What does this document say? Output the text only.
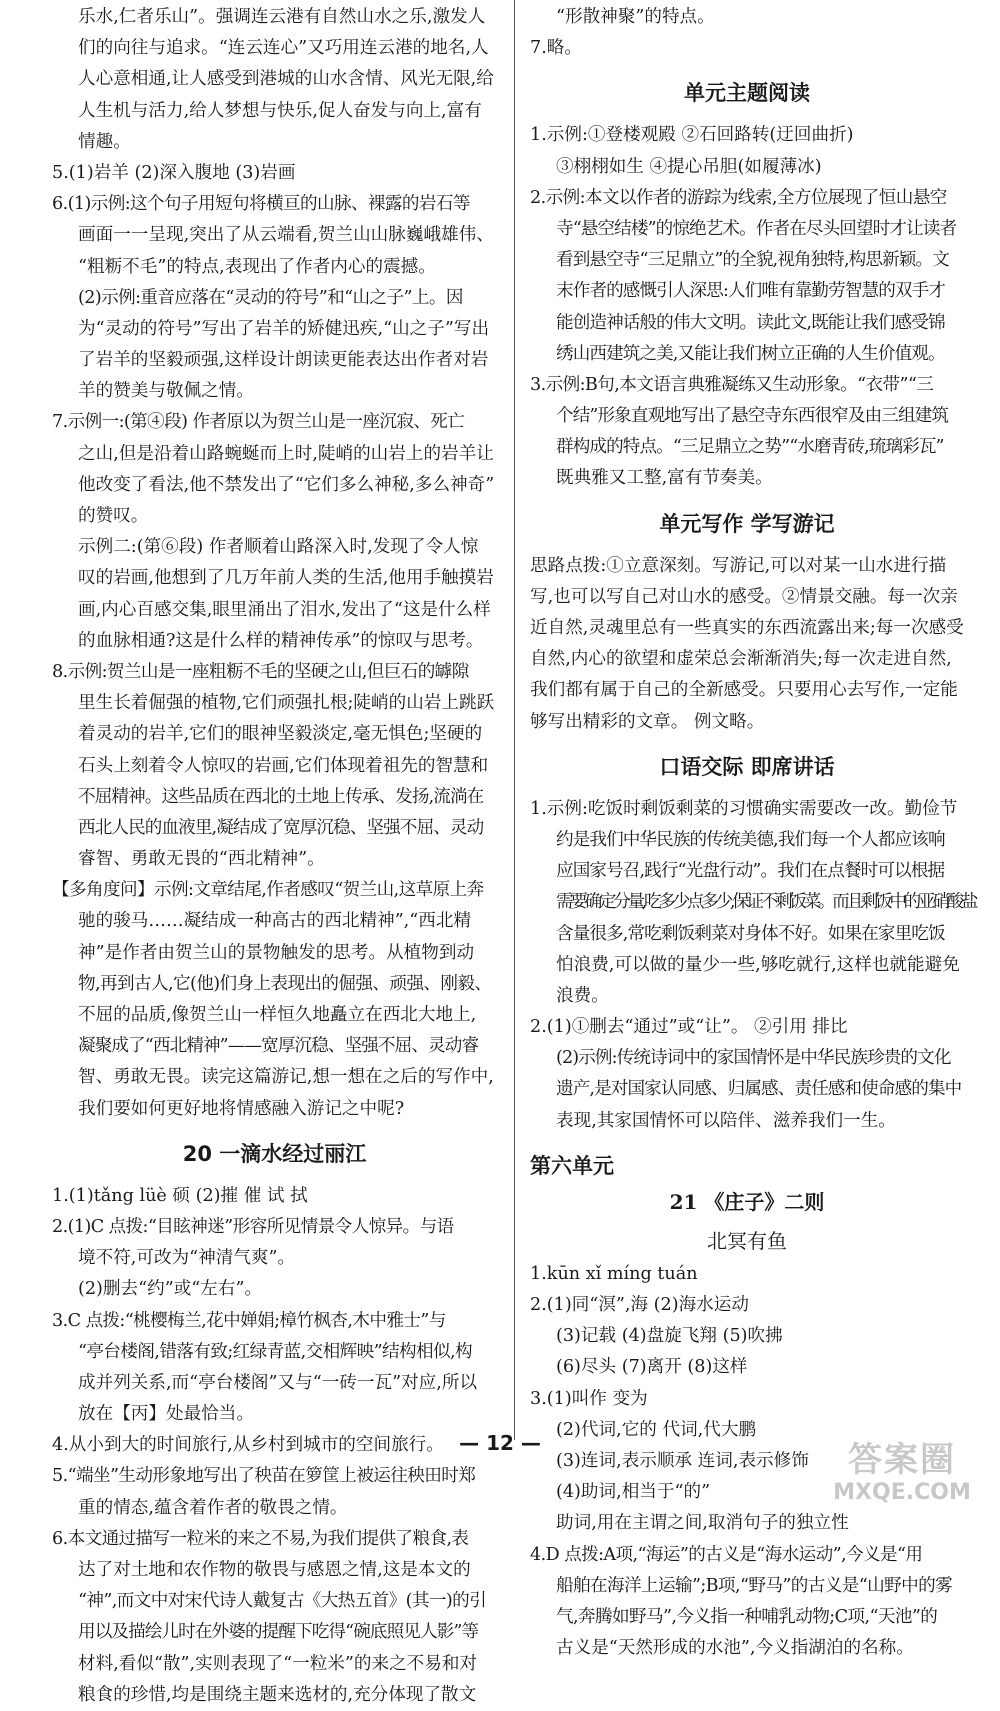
乐水,仁者乐山”。强调连云港有自然山水之乐,激发人
们的向往与追求。“连云连心”又巧用连云港的地名,人
人心意相通,让人感受到港城的山水含情、风光无限,给
人生机与活力,给人梦想与快乐,促人奋发与向上,富有
情趣。
5.(1)岩羊 (2)深入腹地 (3)岩画
6.(1)示例:这个句子用短句将横亘的山脉、裸露的岩石等
画面一一呈现,突出了从云端看,贺兰山山脉巍峨雄伟、
“粗粝不毛”的特点,表现出了作者内心的震撼。
(2)示例:重音应落在“灵动的符号”和“山之子”上。因
为“灵动的符号”写出了岩羊的矫健迅疾,“山之子”写出
了岩羊的坚毅顽强,这样设计朗读更能表达出作者对岩
羊的赞美与敬佩之情。
7.示例一:(第④段) 作者原以为贺兰山是一座沉寂、死亡
之山,但是沿着山路蜿蜒而上时,陡峭的山岩上的岩羊让
他改变了看法,他不禁发出了“它们多么神秘,多么神奇”
的赞叹。
示例二:(第⑥段) 作者顺着山路深入时,发现了令人惊
叹的岩画,他想到了几万年前人类的生活,他用手触摸岩
画,内心百感交集,眼里涌出了泪水,发出了“这是什么样
的血脉相通?这是什么样的精神传承”的惊叹与思考。
8.示例:贺兰山是一座粗粝不毛的坚硬之山,但巨石的罅隙
里生长着倔强的植物,它们顽强扎根;陡峭的山岩上跳跃
着灵动的岩羊,它们的眼神坚毅淡定,毫无惧色;坚硬的
石头上刻着令人惊叹的岩画,它们体现着祖先的智慧和
不屈精神。这些品质在西北的土地上传承、发扬,流淌在
西北人民的血液里,凝结成了宽厚沉稳、坚强不屈、灵动
睿智、勇敢无畏的“西北精神”。
【多角度问】示例:文章结尾,作者感叹“贺兰山,这草原上奔
驰的骏马……凝结成一种高古的西北精神”,“西北精
神”是作者由贺兰山的景物触发的思考。从植物到动
物,再到古人,它(他)们身上表现出的倔强、顽强、刚毅、
不屈的品质,像贺兰山一样恒久地矗立在西北大地上,
凝聚成了“西北精神”——宽厚沉稳、坚强不屈、灵动睿
智、勇敢无畏。读完这篇游记,想一想在之后的写作中,
我们要如何更好地将情感融入游记之中呢?
20 一滴水经过丽江
1.(1)tǎng lüè 硕 (2)摧 催 试 拭
2.(1)C 点拨:“目眩神迷”形容所见情景令人惊异。与语
境不符,可改为“神清气爽”。
(2)删去“约”或“左右”。
3.C 点拨:“桃樱梅兰,花中婵娟;樟竹枫杏,木中雅士”与
“亭台楼阁,错落有致;红绿青蓝,交相辉映”结构相似,构
成并列关系,而“亭台楼阁”又与“一砖一瓦”对应,所以
放在【丙】处最恰当。
4.从小到大的时间旅行,从乡村到城市的空间旅行。
5.“端坐”生动形象地写出了秧苗在箩筐上被运往秧田时郑
重的情态,蕴含着作者的敬畏之情。
6.本文通过描写一粒米的来之不易,为我们提供了粮食,表
达了对土地和农作物的敬畏与感恩之情,这是本文的
“神”,而文中对宋代诗人戴复古《大热五首》(其一)的引
用以及描绘儿时在外婆的提醒下吃得“碗底照见人影”等
材料,看似“散”,实则表现了“一粒米”的来之不易和对
粮食的珍惜,均是围绕主题来选材的,充分体现了散文
“形散神聚”的特点。
7.略。
单元主题阅读
1.示例:①登楼观殿 ②石回路转(迂回曲折)
③栩栩如生 ④提心吊胆(如履薄冰)
2.示例:本文以作者的游踪为线索,全方位展现了恒山悬空
寺“悬空结楼”的惊绝艺术。作者在尽头回望时才让读者
看到悬空寺“三足鼎立”的全貌,视角独特,构思新颖。文
末作者的感慨引人深思:人们唯有靠勤劳智慧的双手才
能创造神话般的伟大文明。读此文,既能让我们感受锦
绣山西建筑之美,又能让我们树立正确的人生价值观。
3.示例:B句,本文语言典雅凝练又生动形象。“衣带”“三
个结”形象直观地写出了悬空寺东西很窄及由三组建筑
群构成的特点。“三足鼎立之势”“水磨青砖,琉璃彩瓦”
既典雅又工整,富有节奏美。
单元写作 学写游记
思路点拨:①立意深刻。写游记,可以对某一山水进行描
写,也可以写自己对山水的感受。②情景交融。每一次亲
近自然,灵魂里总有一些真实的东西流露出来;每一次感受
自然,内心的欲望和虚荣总会渐渐消失;每一次走进自然,
我们都有属于自己的全新感受。只要用心去写作,一定能
够写出精彩的文章。 例文略。
口语交际 即席讲话
1.示例:吃饭时剩饭剩菜的习惯确实需要改一改。勤俭节
约是我们中华民族的传统美德,我们每一个人都应该响
应国家号召,践行“光盘行动”。我们在点餐时可以根据
需要确定分量,吃多少点多少,保证不剩饭菜。而且剩饭中的亚硝酸盐
含量很多,常吃剩饭剩菜对身体不好。如果在家里吃饭
怕浪费,可以做的量少一些,够吃就行,这样也就能避免
浪费。
2.(1)①删去“通过”或“让”。 ②引用 排比
(2)示例:传统诗词中的家国情怀是中华民族珍贵的文化
遗产,是对国家认同感、归属感、责任感和使命感的集中
表现,其家国情怀可以陪伴、滋养我们一生。
第六单元
21 《庄子》二则
北冥有鱼
1.kūn xǐ míng tuán
2.(1)同“溟”,海 (2)海水运动
(3)记载 (4)盘旋飞翔 (5)吹拂
(6)尽头 (7)离开 (8)这样
3.(1)叫作 变为
(2)代词,它的 代词,代大鹏
(3)连词,表示顺承 连词,表示修饰
(4)助词,相当于“的”
助词,用在主谓之间,取消句子的独立性
4.D 点拨:A项,“海运”的古义是“海水运动”,今义是“用
船舶在海洋上运输”;B项,“野马”的古义是“山野中的雾
气,奔腾如野马”,今义指一种哺乳动物;C项,“天池”的
古义是“天然形成的水池”,今义指湖泊的名称。
— 12 —	答案圈
MXQE.COM
